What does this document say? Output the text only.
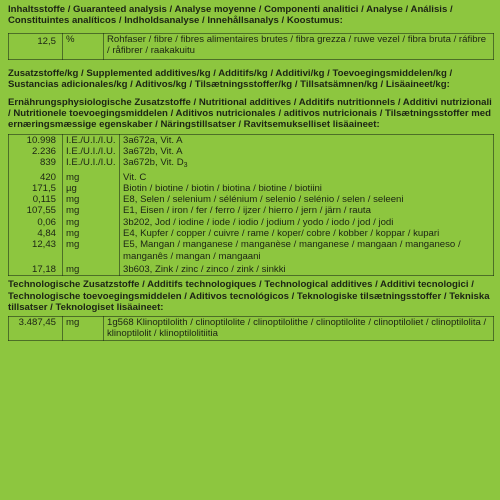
Inhaltsstoffe / Guaranteed analysis / Analyse moyenne / Componenti analitici / Analyse / Análisis / Constituintes analíticos / Indholdsanalyse / Innehållsanalys / Koostumus:

12,5	%	Rohfaser / fibre / fibres alimentaires brutes / fibra grezza / ruwe vezel / fibra bruta / ráfibre / råfibrer / raakakuitu

Zusatzstoffe/kg / Supplemented additives/kg / Additifs/kg / Additivi/kg / Toevoegingsmiddelen/kg / Sustancias adicionales/kg / Aditivos/kg / Tilsætningsstoffer/kg / Tillsatsämnen/kg / Lisäaineet/kg:

Ernährungsphysiologische Zusatzstoffe / Nutritional additives / Additifs nutritionnels / Additivi nutrizionali / Nutritionele toevoegingsmiddelen / Aditivos nutricionales / aditivos nutricionais / Tilsætningsstoffer med ernæringsmæssige egenskaber / Näringstillsatser / Ravitsemukselliset lisäaineet:

10.998	I.E./U.I./I.U.	3a672a, Vit. A
2.236	I.E./U.I./I.U.	3a672b, Vit. A
839	I.E./U.I./I.U.	3a672b, Vit. $D_3$
420	mg	Vit. C
171,5	µg	Biotin / biotine / biotin / biotina / biotine / biotiini
0,115	mg	E8, Selen / selenium / sélénium / selenio / selénio / selen / seleeni
107,55	mg	E1, Eisen / iron / fer / ferro / ijzer / hierro / jern / järn / rauta
0,06	mg	3b202, Jod / iodine / iode / iodio / jodium / yodo / iodo / jod / jodi
4,84	mg	E4, Kupfer / copper / cuivre / rame / koper/ cobre / kobber / koppar / kupari
12,43	mg	E5, Mangan / manganese / manganèse / manganese / mangaan / manganeso / manganês / mangan / mangaani
17,18	mg	3b603, Zink / zinc / zinco / zink / sinkki

Technologische Zusatzstoffe / Additifs technologiques / Technological additives / Additivi tecnologici / Technologische toevoegingsmiddelen / Aditivos tecnológicos / Teknologiske tilsætningsstoffer / Tekniska tillsatser / Teknologiset lisäaineet:

3.487,45	mg	1g568 Klinoptilolith / clinoptilolite / clinoptilolithe / clinoptilolite / clinoptiloliet / clinoptilolita / klinoptilolit / klinoptilolitiitia
